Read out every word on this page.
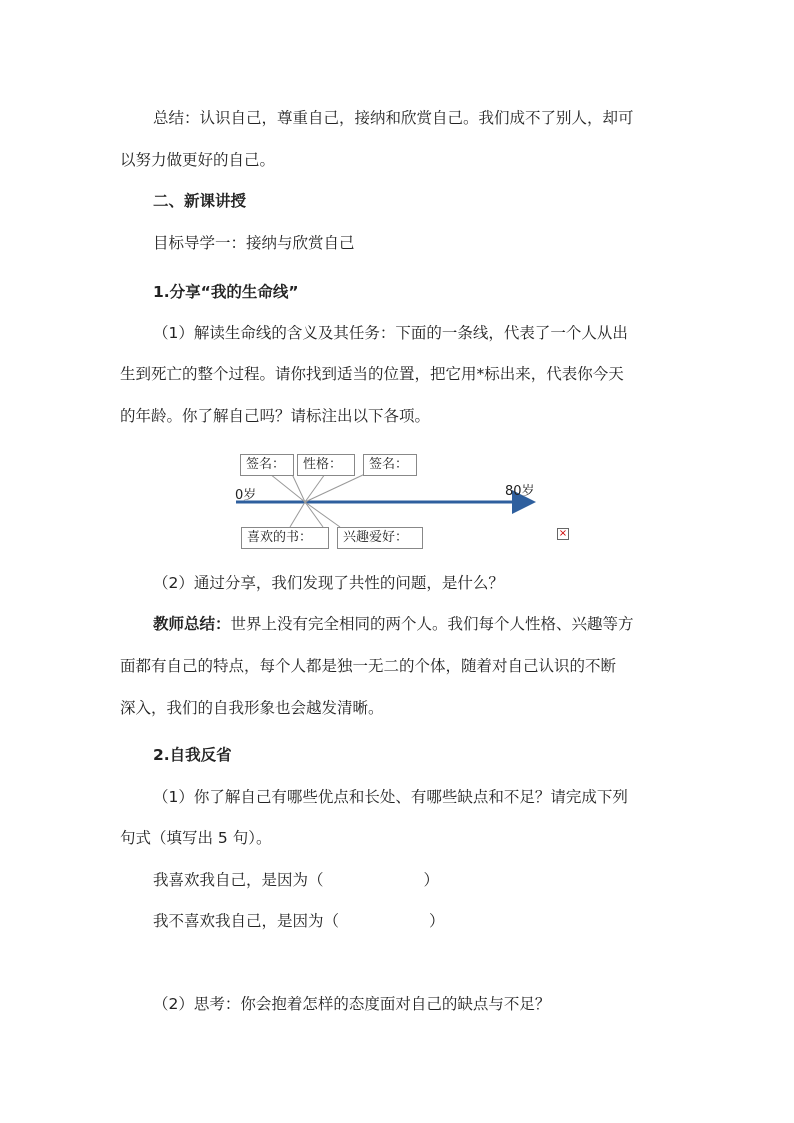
总结：认识自己，尊重自己，接纳和欣赏自己。我们成不了别人，却可
以努力做更好的自己。
二、新课讲授
目标导学一：接纳与欣赏自己
1.分享“我的生命线”
（1）解读生命线的含义及其任务：下面的一条线，代表了一个人从出
生到死亡的整个过程。请你找到适当的位置，把它用*标出来，代表你今天
的年龄。你了解自己吗？请标注出以下各项。
0岁	80岁
签名：	性格：	签名：
喜欢的书：	兴趣爱好：	×
（2）通过分享，我们发现了共性的问题，是什么？
教师总结：世界上没有完全相同的两个人。我们每个人性格、兴趣等方
面都有自己的特点，每个人都是独一无二的个体，随着对自己认识的不断
深入，我们的自我形象也会越发清晰。
2.自我反省
（1）你了解自己有哪些优点和长处、有哪些缺点和不足？请完成下列
句式（填写出 5 句）。
我喜欢我自己，是因为（	）
我不喜欢我自己，是因为（	）
（2）思考：你会抱着怎样的态度面对自己的缺点与不足？
